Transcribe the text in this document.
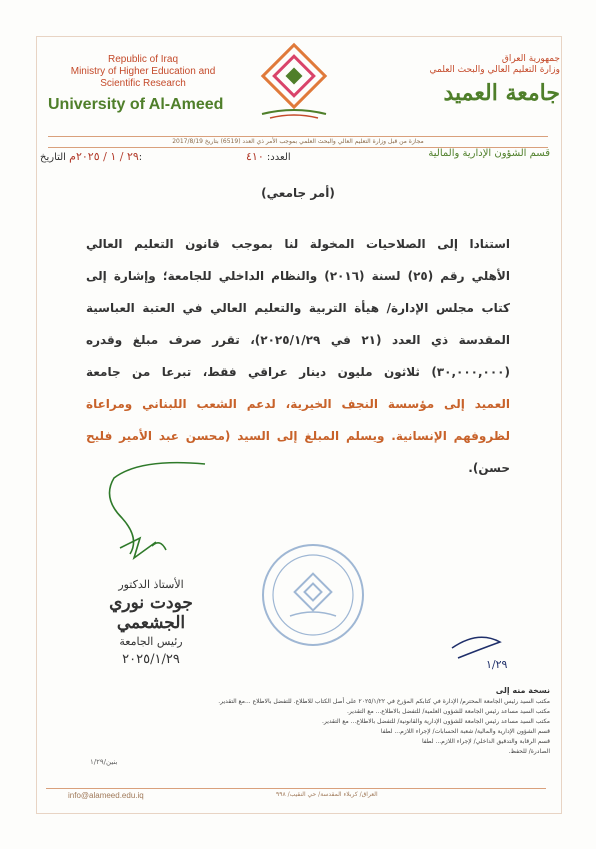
Republic of Iraq
Ministry of Higher Education and
Scientific Research
University of Al-Ameed
جمهورية العراق
وزارة التعليم العالي والبحث العلمي
جامعة العميد
مجازة من قبل وزارة التعليم العالي والبحث العلمي بموجب الأمر ذي العدد (6519) بتاريخ 2017/8/19
قسم الشؤون الإدارية والمالية
العدد: ٤١٠
٢٩ / ١ / ٢٠٢٥م التاريخ:
(أمر جامعي)
استنادا إلى الصلاحيات المخولة لنا بموجب قانون التعليم العالي
الأهلي رقم (٢٥) لسنة (٢٠١٦) والنظام الداخلي للجامعة؛ وإشارة إلى
كتاب مجلس الإدارة/ هيأة التربية والتعليم العالي في العتبة العباسية
المقدسة ذي العدد (٢١ في ٢٠٢٥/١/٢٩)، تقرر صرف مبلغ وقدره
(٣٠,٠٠٠,٠٠٠) ثلاثون مليون دينار عراقي فقط، تبرعا من جامعة
العميد إلى مؤسسة النجف الخيرية، لدعم الشعب اللبناني ومراعاة
لظروفهم الإنسانية. ويسلم المبلغ إلى السيد (محسن عبد الأمير فليح
حسن).
الأستاذ الدكتور
جودت نوري الجشعمي
رئيس الجامعة
٢٠٢٥/١/٢٩	١/٢٩
نسخة منه إلى
مكتب السيد رئيس الجامعة المحترم/ الإدارة في كتابكم المؤرخ في ٢٠٢٥/١/٢٢ على أصل الكتاب للاطلاع. للتفضل بالاطلاع ...مع التقدير.
مكتب السيد مساعد رئيس الجامعة للشؤون العلمية/ للتفضل بالاطلاع... مع التقدير.
مكتب السيد مساعد رئيس الجامعة للشؤون الإدارية والقانونية/ للتفضل بالاطلاع... مع التقدير.
قسم الشؤون الإدارية والمالية/ شعبة الحسابات/ لإجراء اللازم... لطفا
قسم الرقابة والتدقيق الداخلي/ لإجراء اللازم... لطفا
الصادرة/ للحفظ.
بنين/١/٢٩
info@alameed.edu.iq	العراق/ كربلاء المقدسة/ حي النقيب/ ٩٩٨
